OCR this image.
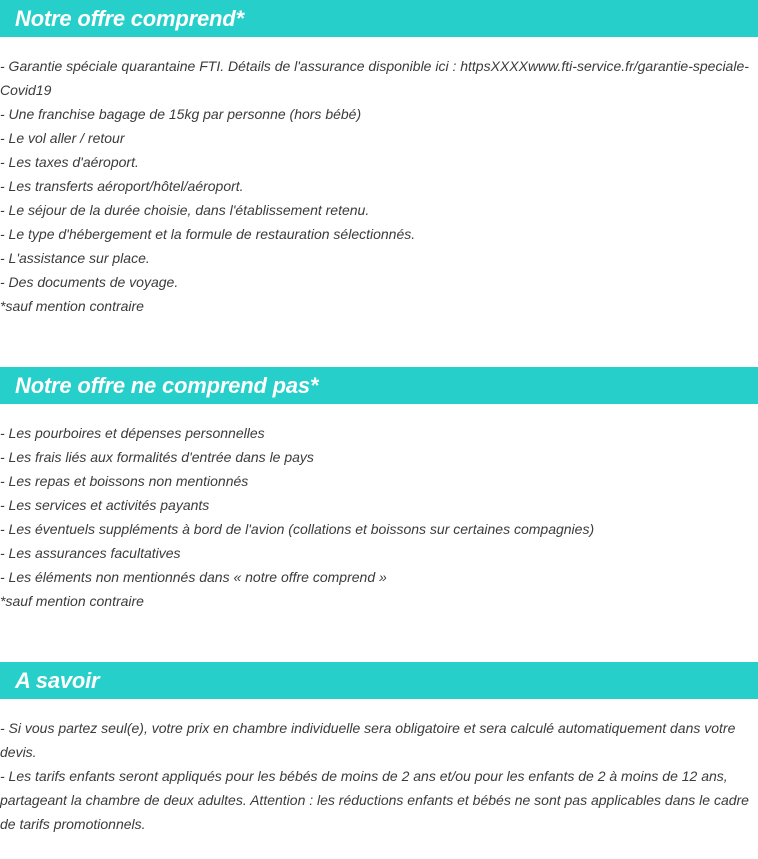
Notre offre comprend*
- Garantie spéciale quarantaine FTI. Détails de l'assurance disponible ici : httpsXXXXwww.fti-service.fr/garantie-speciale-Covid19
- Une franchise bagage de 15kg par personne (hors bébé)
- Le vol aller / retour
- Les taxes d'aéroport.
- Les transferts aéroport/hôtel/aéroport.
- Le séjour de la durée choisie, dans l'établissement retenu.
- Le type d'hébergement et la formule de restauration sélectionnés.
- L'assistance sur place.
- Des documents de voyage.
*sauf mention contraire
Notre offre ne comprend pas*
- Les pourboires et dépenses personnelles
- Les frais liés aux formalités d'entrée dans le pays
- Les repas et boissons non mentionnés
- Les services et activités payants
- Les éventuels suppléments à bord de l'avion (collations et boissons sur certaines compagnies)
- Les assurances facultatives
- Les éléments non mentionnés dans « notre offre comprend »
*sauf mention contraire
A savoir
- Si vous partez seul(e), votre prix en chambre individuelle sera obligatoire et sera calculé automatiquement dans votre devis.
- Les tarifs enfants seront appliqués pour les bébés de moins de 2 ans et/ou pour les enfants de 2 à moins de 12 ans, partageant la chambre de deux adultes. Attention : les réductions enfants et bébés ne sont pas applicables dans le cadre de tarifs promotionnels.
